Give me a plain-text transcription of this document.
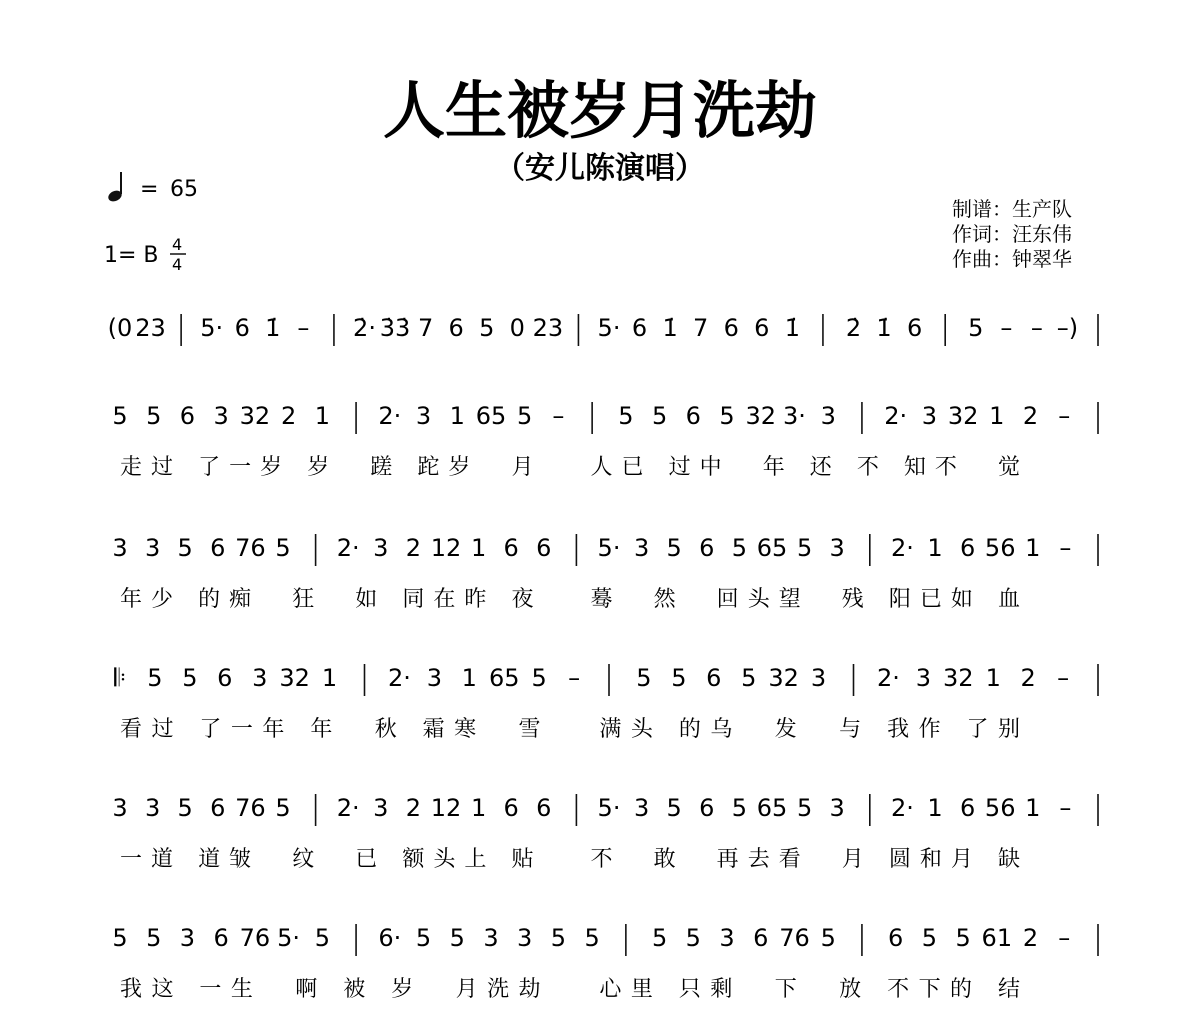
人生被岁月洗劫
（安儿陈演唱）
= 65
1= B 4
4
制谱：生产队
作词：汪东伟
作曲：钟翠华
(0 23 5· 6 1̇ – 2̇· 3̇3̇ 7 6 5 0 23 5· 6 1̇ 7 6 6 1̇ 2̇ 1̇ 6 5 – – –)
5 5 6 3 32 2 1 2· 3 1 65 5 – 5 5 6 5 32 3· 3 2· 3 32 1 2 –
走过 了一岁 岁  蹉 跎岁  月   人已 过中  年 还 不 知不  觉
3 3 5 6 76 5 2· 3 2 12 1 6 6 5· 3 5 6 5 65 5 3 2· 1 6 56 1 –
年少 的痴  狂  如 同在昨 夜   蓦  然  回头望  残 阳已如 血
𝄆 5 5 6 3 32 1 2· 3 1 65 5 – 5 5 6 5 32 3 2· 3 32 1 2 –
看过 了一年 年  秋 霜寒  雪   满头 的乌  发  与 我作 了别
3 3 5 6 76 5 2· 3 2 12 1 6 6 5· 3 5 6 5 65 5 3 2· 1 6 56 1 –
一道 道皱  纹  已 额头上 贴   不  敢  再去看  月 圆和月 缺
5 5 3 6 76 5· 5 6· 5 5 3 3 5 5 5 5 3 6 76 5 6 5 5 61 2 –
我这 一生  啊 被 岁  月洗劫   心里 只剩  下  放 不下的 结
